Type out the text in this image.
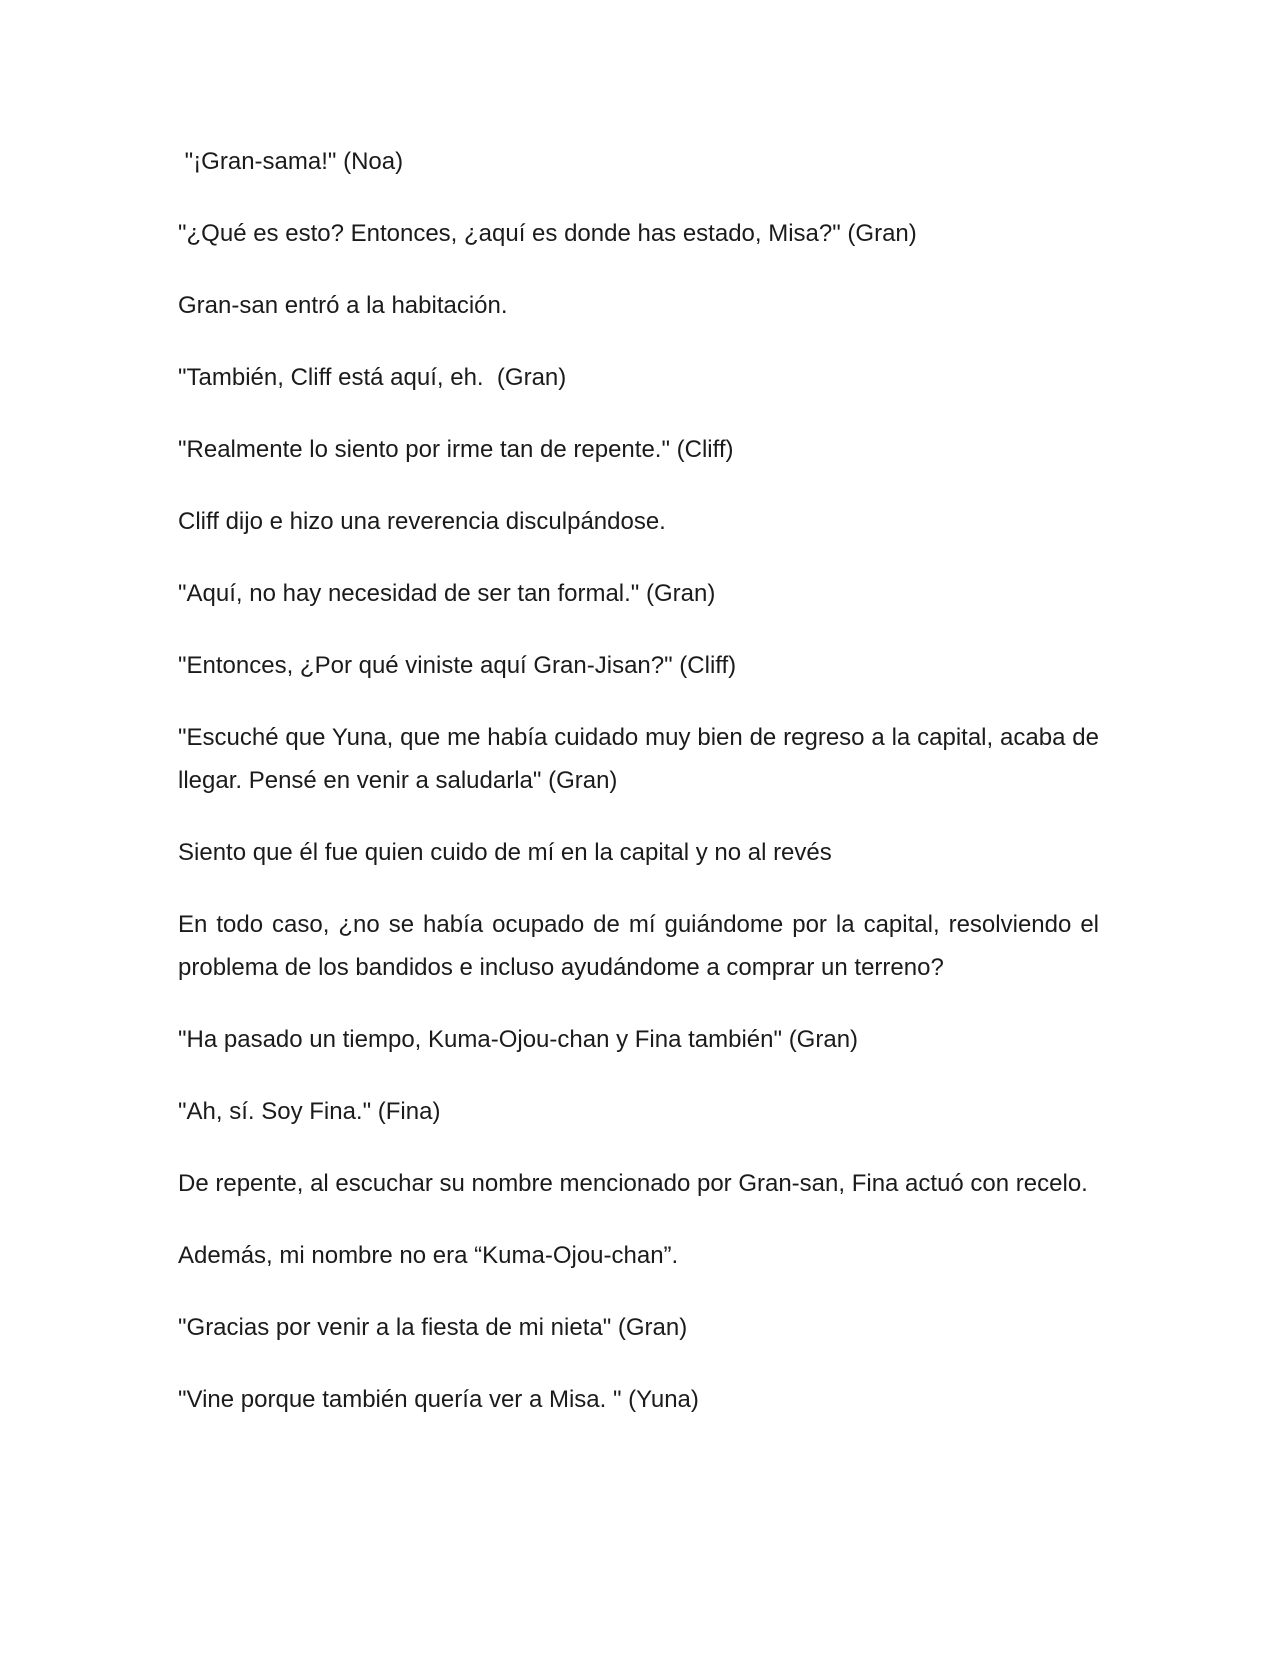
"¡Gran-sama!" (Noa)

"¿Qué es esto? Entonces, ¿aquí es donde has estado, Misa?" (Gran)

Gran-san entró a la habitación.

"También, Cliff está aquí, eh.  (Gran)

"Realmente lo siento por irme tan de repente." (Cliff)

Cliff dijo e hizo una reverencia disculpándose.

"Aquí, no hay necesidad de ser tan formal." (Gran)

"Entonces, ¿Por qué viniste aquí Gran-Jisan?" (Cliff)

"Escuché que Yuna, que me había cuidado muy bien de regreso a la capital, acaba de llegar. Pensé en venir a saludarla" (Gran)

Siento que él fue quien cuido de mí en la capital y no al revés

En todo caso, ¿no se había ocupado de mí guiándome por la capital, resolviendo el problema de los bandidos e incluso ayudándome a comprar un terreno?

"Ha pasado un tiempo, Kuma-Ojou-chan y Fina también" (Gran)

"Ah, sí. Soy Fina." (Fina)

De repente, al escuchar su nombre mencionado por Gran-san, Fina actuó con recelo.

Además, mi nombre no era “Kuma-Ojou-chan”.

"Gracias por venir a la fiesta de mi nieta" (Gran)

"Vine porque también quería ver a Misa. " (Yuna)
